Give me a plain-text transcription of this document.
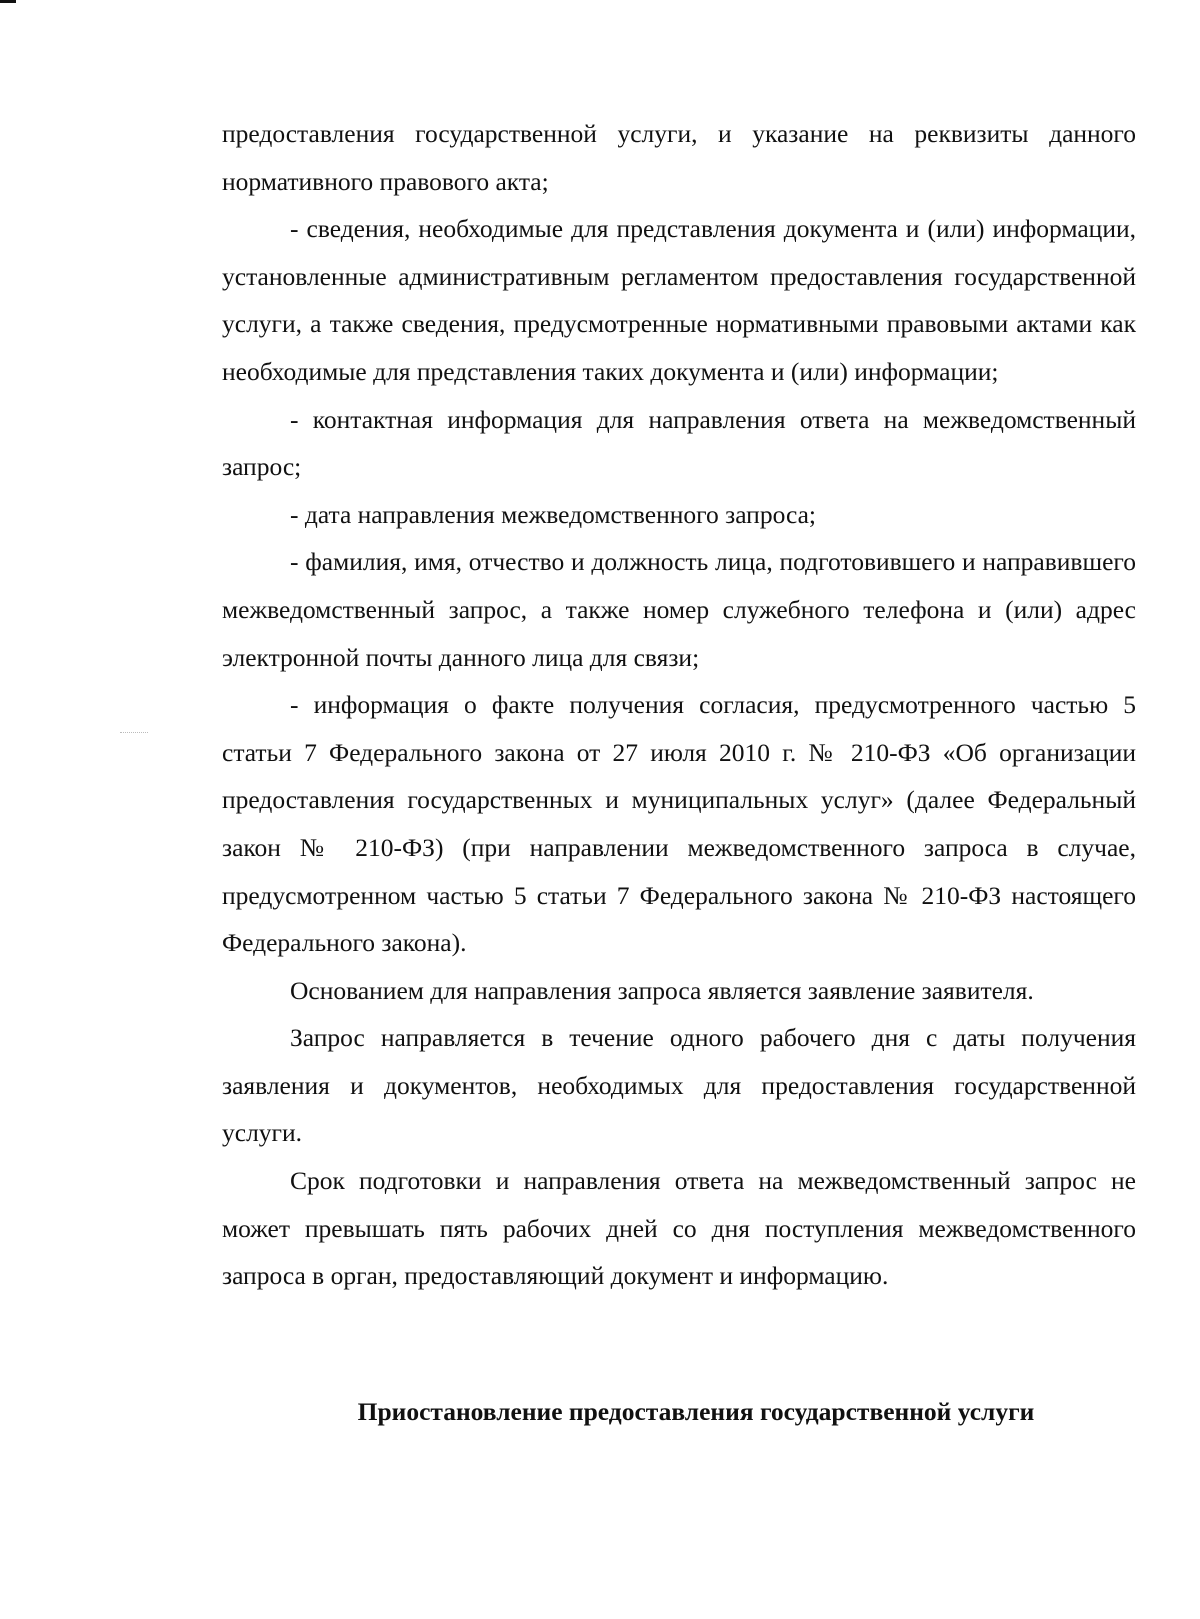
предоставления государственной услуги, и указание на реквизиты данного нормативного правового акта;

- сведения, необходимые для представления документа и (или) информации, установленные административным регламентом предоставления государственной услуги, а также сведения, предусмотренные нормативными правовыми актами как необходимые для представления таких документа и (или) информации;

- контактная информация для направления ответа на межведомственный запрос;

- дата направления межведомственного запроса;

- фамилия, имя, отчество и должность лица, подготовившего и направившего межведомственный запрос, а также номер служебного телефона и (или) адрес электронной почты данного лица для связи;

- информация о факте получения согласия, предусмотренного частью 5 статьи 7 Федерального закона от 27 июля 2010 г. № 210-ФЗ «Об организации предоставления государственных и муниципальных услуг» (далее Федеральный закон № 210-ФЗ) (при направлении межведомственного запроса в случае, предусмотренном частью 5 статьи 7 Федерального закона № 210-ФЗ настоящего Федерального закона).

Основанием для направления запроса является заявление заявителя.

Запрос направляется в течение одного рабочего дня с даты получения заявления и документов, необходимых для предоставления государственной услуги.

Срок подготовки и направления ответа на межведомственный запрос не может превышать пять рабочих дней со дня поступления межведомственного запроса в орган, предоставляющий документ и информацию.

Приостановление предоставления государственной услуги
